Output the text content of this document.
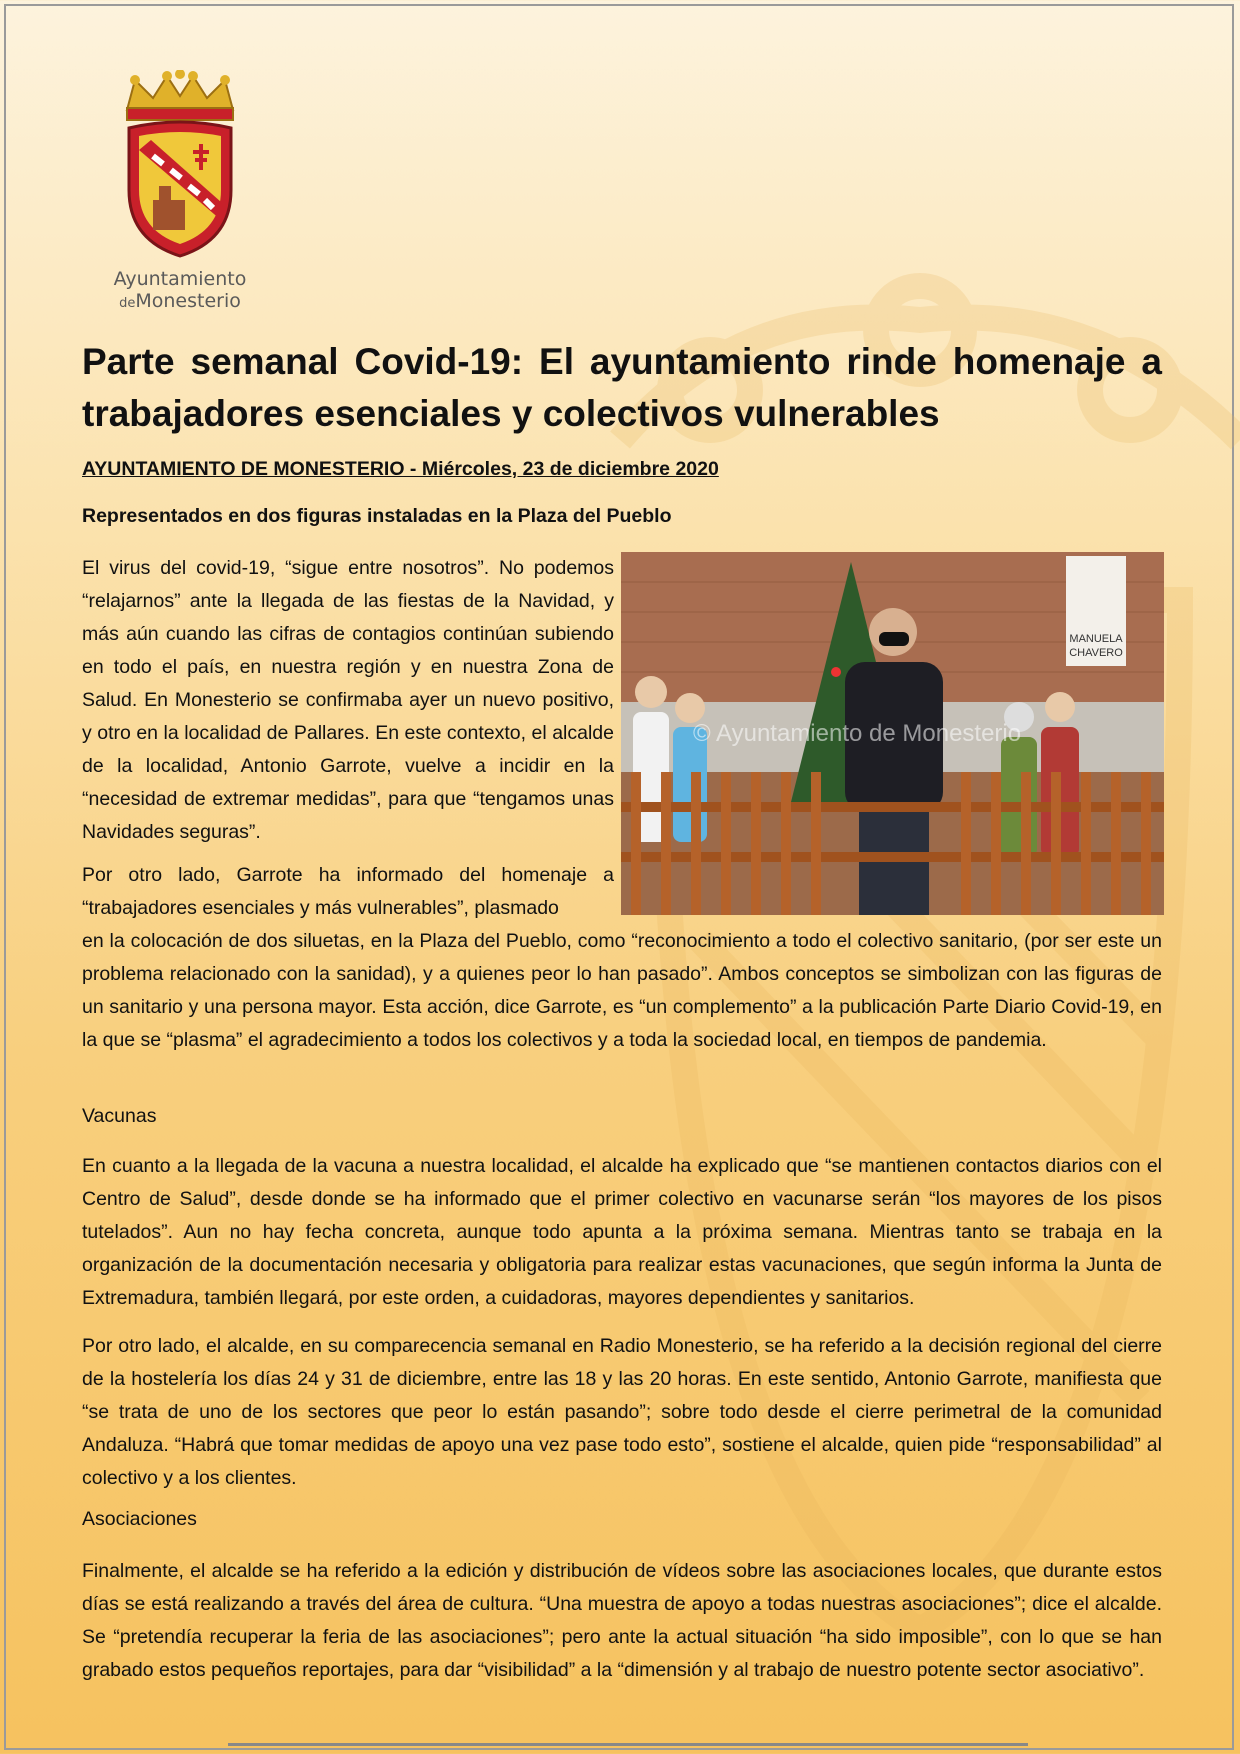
Ayuntamiento
deMonesterio
Parte semanal Covid-19: El ayuntamiento rinde homenaje a trabajadores esenciales y colectivos vulnerables

AYUNTAMIENTO DE MONESTERIO - Miércoles, 23 de diciembre 2020

Representados en dos figuras instaladas en la Plaza del Pueblo

El virus del covid-19, “sigue entre nosotros”. No podemos “relajarnos” ante la llegada de las fiestas de la Navidad, y más aún cuando las cifras de contagios continúan subiendo en todo el país, en nuestra región y en nuestra Zona de Salud. En Monesterio se confirmaba ayer un nuevo positivo, y otro en la localidad de Pallares. En este contexto, el alcalde de la localidad, Antonio Garrote, vuelve a incidir en la “necesidad de extremar medidas”, para que “tengamos unas Navidades seguras”.

MANUELA
CHAVERO
© Ayuntamiento de Monesterio

Por otro lado, Garrote ha informado del homenaje a “trabajadores esenciales y más vulnerables”, plasmado

en la colocación de dos siluetas, en la Plaza del Pueblo, como “reconocimiento a todo el colectivo sanitario, (por ser este un problema relacionado con la sanidad), y a quienes peor lo han pasado”. Ambos conceptos se simbolizan con las figuras de un sanitario y una persona mayor. Esta acción, dice Garrote, es “un complemento” a la publicación Parte Diario Covid-19, en la que se “plasma” el agradecimiento a todos los colectivos y a toda la sociedad local, en tiempos de pandemia.

Vacunas

En cuanto a la llegada de la vacuna a nuestra localidad, el alcalde ha explicado que “se mantienen contactos diarios con el Centro de Salud”, desde donde se ha informado que el primer colectivo en vacunarse serán “los mayores de los pisos tutelados”. Aun no hay fecha concreta, aunque todo apunta a la próxima semana. Mientras tanto se trabaja en la organización de la documentación necesaria y obligatoria para realizar estas vacunaciones, que según informa la Junta de Extremadura, también llegará, por este orden, a cuidadoras, mayores dependientes y sanitarios.

Por otro lado, el alcalde, en su comparecencia semanal en Radio Monesterio, se ha referido a la decisión regional del cierre de la hostelería los días 24 y 31 de diciembre, entre las 18 y las 20 horas. En este sentido, Antonio Garrote, manifiesta que “se trata de uno de los sectores que peor lo están pasando”; sobre todo desde el cierre perimetral de la comunidad Andaluza. “Habrá que tomar medidas de apoyo una vez pase todo esto”, sostiene el alcalde, quien pide “responsabilidad” al colectivo y a los clientes.

Asociaciones

Finalmente, el alcalde se ha referido a la edición y distribución de vídeos sobre las asociaciones locales, que durante estos días se está realizando a través del área de cultura. “Una muestra de apoyo a todas nuestras asociaciones”; dice el alcalde. Se “pretendía recuperar la feria de las asociaciones”; pero ante la actual situación “ha sido imposible”, con lo que se han grabado estos pequeños reportajes, para dar “visibilidad” a la “dimensión y al trabajo de nuestro potente sector asociativo”.
